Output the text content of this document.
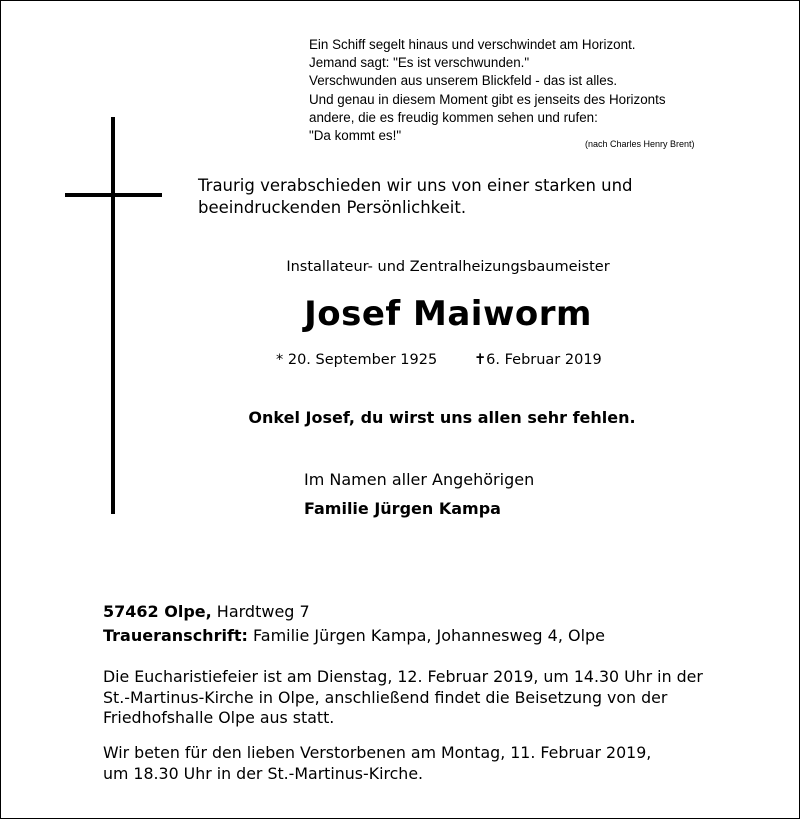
Ein Schiff segelt hinaus und verschwindet am Horizont.
Jemand sagt: "Es ist verschwunden."
Verschwunden aus unserem Blickfeld - das ist alles.
Und genau in diesem Moment gibt es jenseits des Horizonts
andere, die es freudig kommen sehen und rufen:
"Da kommt es!"
(nach Charles Henry Brent)
Traurig verabschieden wir uns von einer starken und
beeindruckenden Persönlichkeit.
Installateur- und Zentralheizungsbaumeister
Josef Maiworm
* 20. September 1925	✝6. Februar 2019
Onkel Josef, du wirst uns allen sehr fehlen.
Im Namen aller Angehörigen
Familie Jürgen Kampa
57462 Olpe, Hardtweg 7
Traueranschrift: Familie Jürgen Kampa, Johannesweg 4, Olpe
Die Eucharistiefeier ist am Dienstag, 12. Februar 2019, um 14.30 Uhr in der
St.-Martinus-Kirche in Olpe, anschließend findet die Beisetzung von der
Friedhofshalle Olpe aus statt.
Wir beten für den lieben Verstorbenen am Montag, 11. Februar 2019,
um 18.30 Uhr in der St.-Martinus-Kirche.
